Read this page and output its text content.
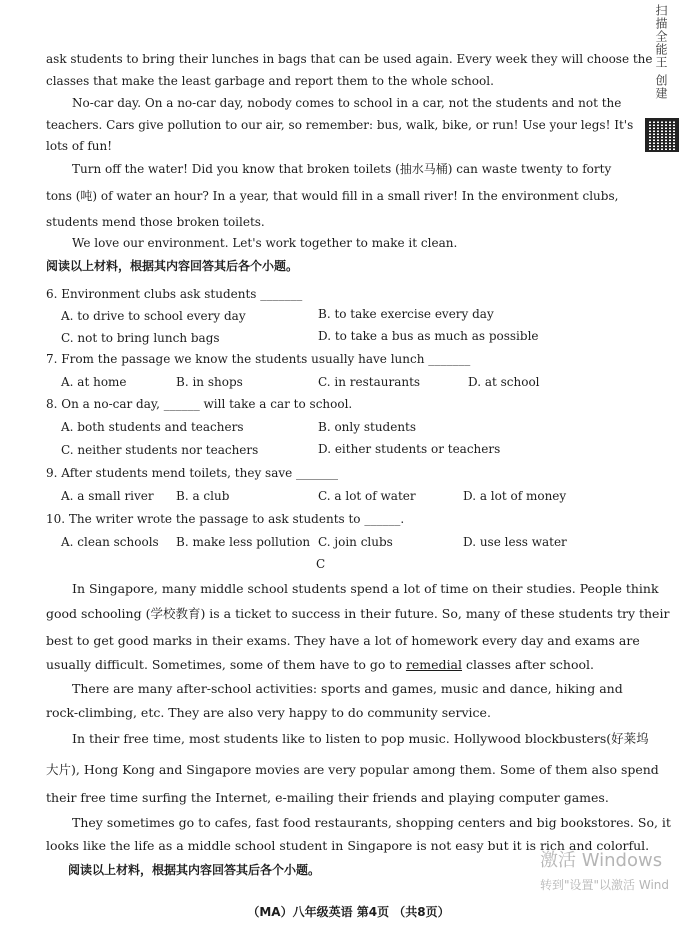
扫描全能王 创建
ask students to bring their lunches in bags that can be used again. Every week they will choose the
classes that make the least garbage and report them to the whole school.
No-car day. On a no-car day, nobody comes to school in a car, not the students and not the
teachers. Cars give pollution to our air, so remember: bus, walk, bike, or run! Use your legs! It's
lots of fun!
Turn off the water! Did you know that broken toilets (抽水马桶) can waste twenty to forty
tons (吨) of water an hour? In a year, that would fill in a small river! In the environment clubs,
students mend those broken toilets.
We love our environment. Let's work together to make it clean.
阅读以上材料，根据其内容回答其后各个小题。
6. Environment clubs ask students _______
A. to drive to school every day	B. to take exercise every day
C. not to bring lunch bags	D. to take a bus as much as possible
7. From the passage we know the students usually have lunch _______
A. at home	B. in shops	C. in restaurants	D. at school
8. On a no-car day, ______ will take a car to school.
A. both students and teachers	B. only students
C. neither students nor teachers	D. either students or teachers
9. After students mend toilets, they save _______
A. a small river B. a club	C. a lot of water	D. a lot of money
10. The writer wrote the passage to ask students to ______.
A. clean schools B. make less pollution C. join clubs	D. use less water
C
In Singapore, many middle school students spend a lot of time on their studies. People think
good schooling (学校教育) is a ticket to success in their future. So, many of these students try their
best to get good marks in their exams. They have a lot of homework every day and exams are
usually difficult. Sometimes, some of them have to go to remedial classes after school.
There are many after-school activities: sports and games, music and dance, hiking and
rock-climbing, etc. They are also very happy to do community service.
In their free time, most students like to listen to pop music. Hollywood blockbusters(好莱坞
大片), Hong Kong and Singapore movies are very popular among them. Some of them also spend
their free time surfing the Internet, e-mailing their friends and playing computer games.
They sometimes go to cafes, fast food restaurants, shopping centers and big bookstores. So, it
looks like the life as a middle school student in Singapore is not easy but it is rich and colorful.
阅读以上材料，根据其内容回答其后各个小题。	激活 Windows
转到"设置"以激活 Wind
（MA）八年级英语 第4页 （共8页）
